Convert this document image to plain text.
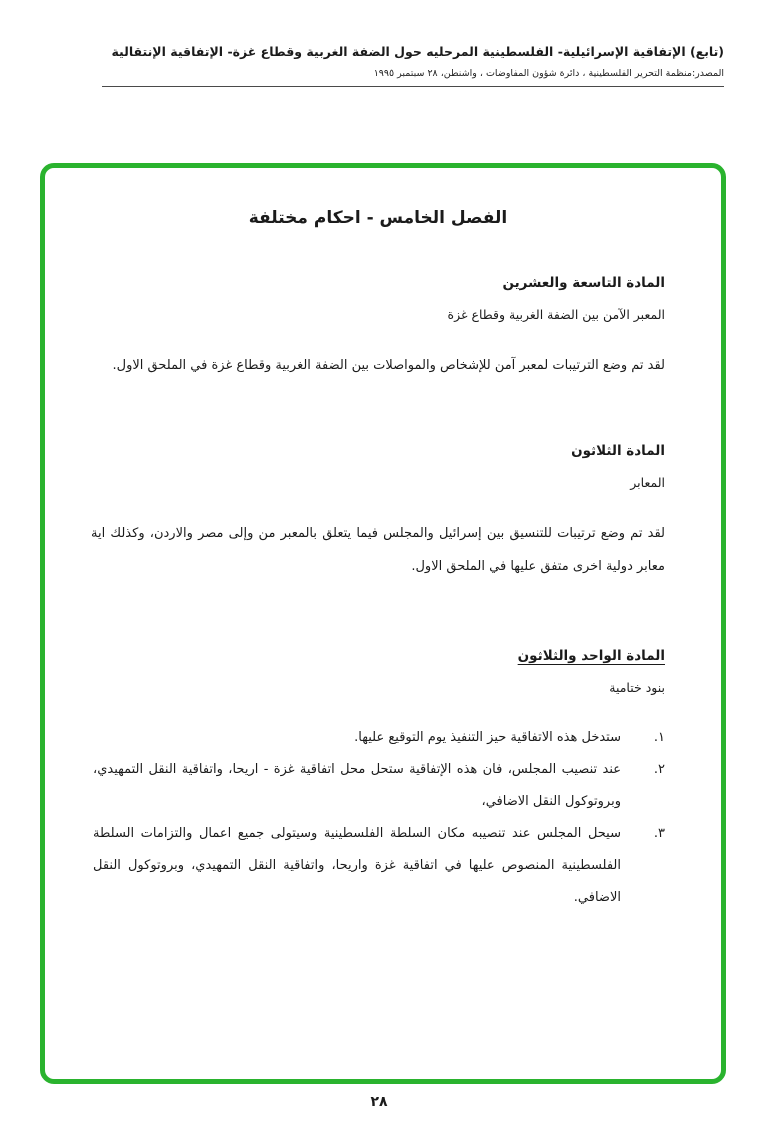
(تابع) الإتفاقية الإسرائيلية- الفلسطينية المرحليه حول الضفة الغربية وقطاع غزة- الإتفاقية الإنتقالية
المصدر:منظمة التحرير الفلسطينية ، دائرة شؤون المفاوضات ، واشنطن، ٢٨ سبتمبر ١٩٩٥
الفصل الخامس - احكام مختلفة
المادة التاسعة والعشرين
المعبر الآمن بين الضفة الغربية وقطاع غزة
لقد تم وضع الترتيبات لمعبر آمن للإشخاص والمواصلات بين الضفة الغربية وقطاع غزة في الملحق الاول.
المادة الثلاثون
المعابر
لقد تم وضع ترتيبات للتنسيق بين إسرائيل والمجلس فيما يتعلق بالمعبر من وإلى مصر والاردن، وكذلك اية معابر دولية اخرى متفق عليها في الملحق الاول.
المادة الواحد والثلاثون
بنود ختامية
١.
ستدخل هذه الاتفاقية حيز التنفيذ يوم التوقيع عليها.
٢.
عند تنصيب المجلس، فان هذه الإتفاقية ستحل محل اتفاقية غزة - اريحا، واتفاقية النقل التمهيدي، وبروتوكول النقل الاضافي،
٣.
سيحل المجلس عند تنصيبه مكان السلطة الفلسطينية وسيتولى جميع اعمال والتزامات السلطة الفلسطينية المنصوص عليها في اتفاقية غزة واريحا، واتفاقية النقل التمهيدي، وبروتوكول النقل الاضافي.
٢٨
